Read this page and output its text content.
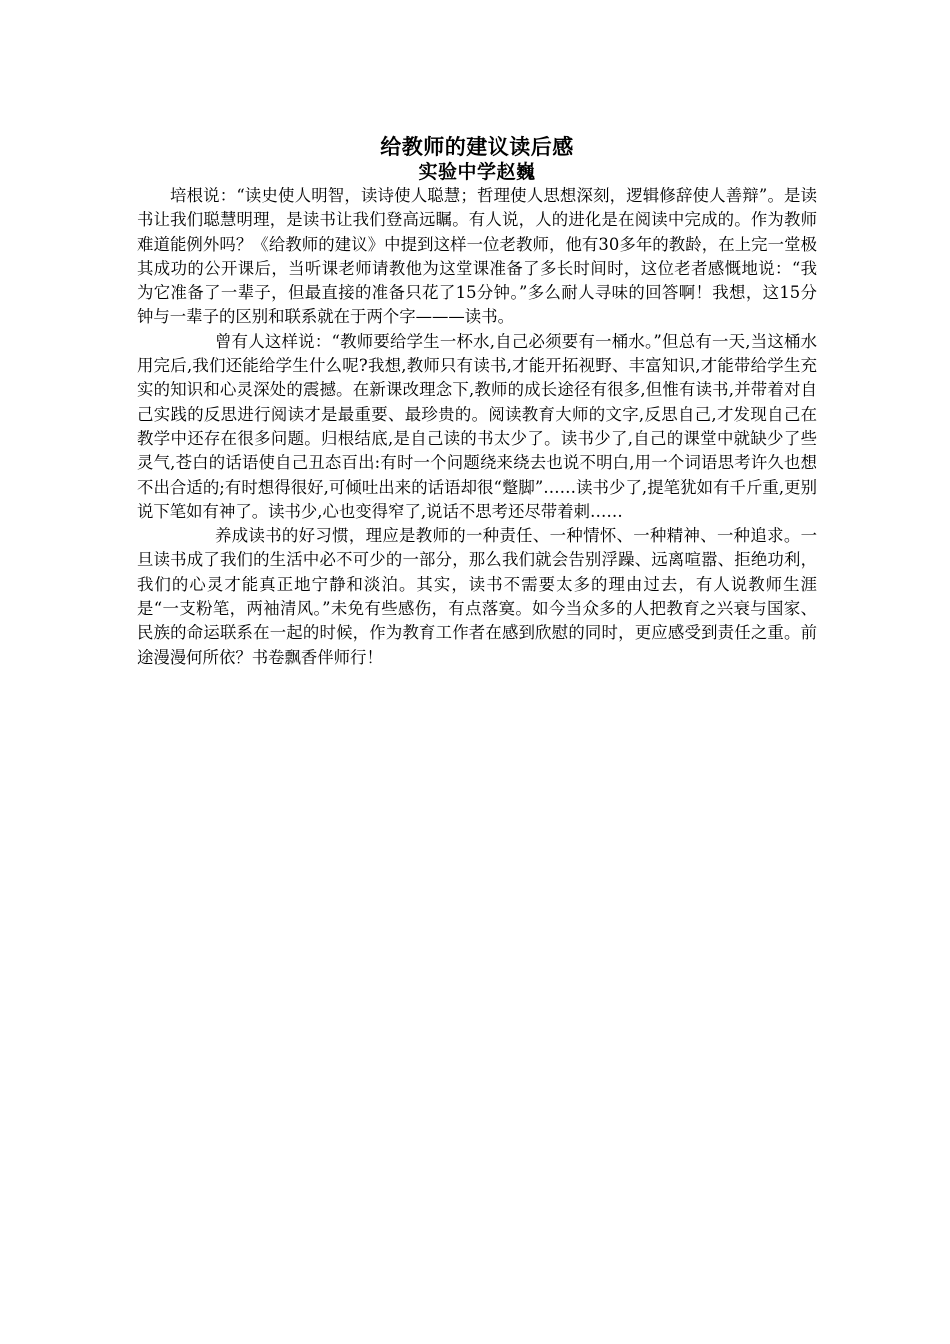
给教师的建议读后感

实验中学赵巍

培根说：“读史使人明智，读诗使人聪慧；哲理使人思想深刻，逻辑修辞使人善辩”。是读书让我们聪慧明理，是读书让我们登高远瞩。有人说，人的进化是在阅读中完成的。作为教师难道能例外吗？《给教师的建议》中提到这样一位老教师，他有30多年的教龄，在上完一堂极其成功的公开课后，当听课老师请教他为这堂课准备了多长时间时，这位老者感慨地说：“我为它准备了一辈子，但最直接的准备只花了15分钟。”多么耐人寻味的回答啊！我想，这15分钟与一辈子的区别和联系就在于两个字———读书。

曾有人这样说：“教师要给学生一杯水,自己必须要有一桶水。”但总有一天,当这桶水用完后,我们还能给学生什么呢?我想,教师只有读书,才能开拓视野、丰富知识,才能带给学生充实的知识和心灵深处的震撼。在新课改理念下,教师的成长途径有很多,但惟有读书,并带着对自己实践的反思进行阅读才是最重要、最珍贵的。阅读教育大师的文字,反思自己,才发现自己在教学中还存在很多问题。归根结底,是自己读的书太少了。读书少了,自己的课堂中就缺少了些灵气,苍白的话语使自己丑态百出:有时一个问题绕来绕去也说不明白,用一个词语思考许久也想不出合适的;有时想得很好,可倾吐出来的话语却很“蹩脚”……读书少了,提笔犹如有千斤重,更别说下笔如有神了。读书少,心也变得窄了,说话不思考还尽带着刺……

养成读书的好习惯，理应是教师的一种责任、一种情怀、一种精神、一种追求。一旦读书成了我们的生活中必不可少的一部分，那么我们就会告别浮躁、远离喧嚣、拒绝功利，我们的心灵才能真正地宁静和淡泊。其实，读书不需要太多的理由过去，有人说教师生涯是“一支粉笔，两袖清风。”未免有些感伤，有点落寞。如今当众多的人把教育之兴衰与国家、民族的命运联系在一起的时候，作为教育工作者在感到欣慰的同时，更应感受到责任之重。前途漫漫何所依？书卷飘香伴师行！
